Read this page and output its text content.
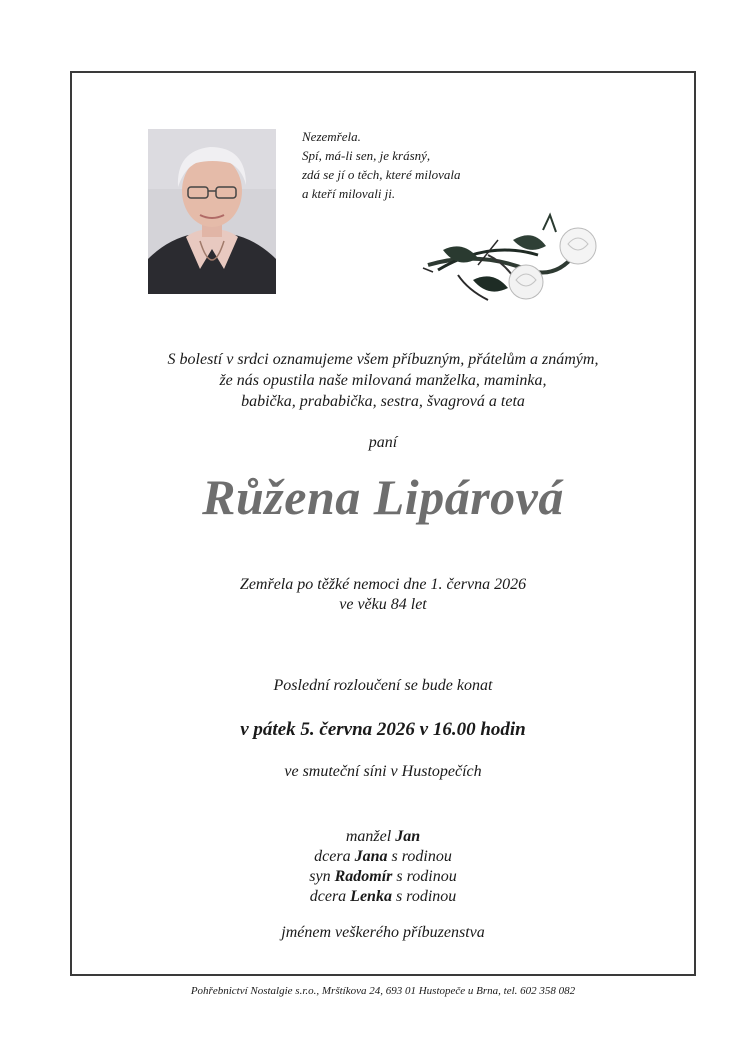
Nezemřela.
Spí, má-li sen, je krásný,
zdá se jí o těch, které milovala
a kteří milovali ji.
S bolestí v srdci oznamujeme všem příbuzným, přátelům a známým,
že nás opustila naše milovaná manželka, maminka,
babička, prababička, sestra, švagrová a teta
paní
Růžena Lipárová
Zemřela po těžké nemoci dne 1. června 2026
ve věku 84 let
Poslední rozloučení se bude konat
v pátek 5. června 2026 v 16.00 hodin
ve smuteční síni v Hustopečích
manžel Jan
dcera Jana s rodinou
syn Radomír s rodinou
dcera Lenka s rodinou
jménem veškerého příbuzenstva
Pohřebnictví Nostalgie s.r.o., Mrštíkova 24, 693 01 Hustopeče u Brna, tel. 602 358 082
